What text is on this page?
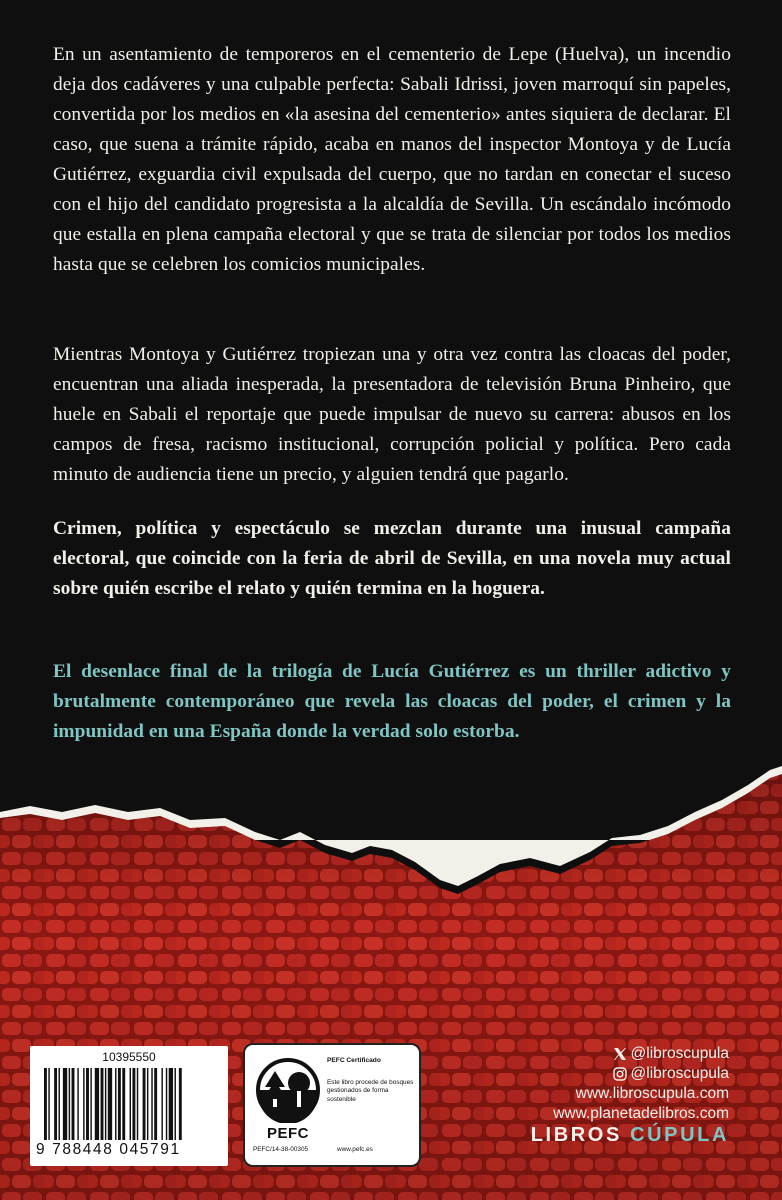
En un asentamiento de temporeros en el cementerio de Lepe (Huelva), un incendio deja dos cadáveres y una culpable perfecta: Sabali Idrissi, joven marroquí sin papeles, convertida por los medios en «la asesina del cementerio» antes siquiera de declarar. El caso, que suena a trámite rápido, acaba en manos del inspector Montoya y de Lucía Gutiérrez, exguardia civil expulsada del cuerpo, que no tardan en conectar el suceso con el hijo del candidato progresista a la alcaldía de Sevilla. Un escándalo incómodo que estalla en plena campaña electoral y que se trata de silenciar por todos los medios hasta que se celebren los comicios municipales.

Mientras Montoya y Gutiérrez tropiezan una y otra vez contra las cloacas del poder, encuentran una aliada inesperada, la presentadora de televisión Bruna Pinheiro, que huele en Sabali el reportaje que puede impulsar de nuevo su carrera: abusos en los campos de fresa, racismo institucional, corrupción policial y política. Pero cada minuto de audiencia tiene un precio, y alguien tendrá que pagarlo.

Crimen, política y espectáculo se mezclan durante una inusual campaña electoral, que coincide con la feria de abril de Sevilla, en una novela muy actual sobre quién escribe el relato y quién termina en la hoguera.

El desenlace final de la trilogía de Lucía Gutiérrez es un thriller adictivo y brutalmente contemporáneo que revela las cloacas del poder, el crimen y la impunidad en una España donde la verdad solo estorba.

10395550
9 788448 045791
PEFC
PEFC Certificado
Este libro procede de bosques gestionados de forma sostenible
PEFC/14-38-00305	www.pefc.es
@libroscupula
@libroscupula
www.libroscupula.com
www.planetadelibros.com
LIBROS CÚPULA
